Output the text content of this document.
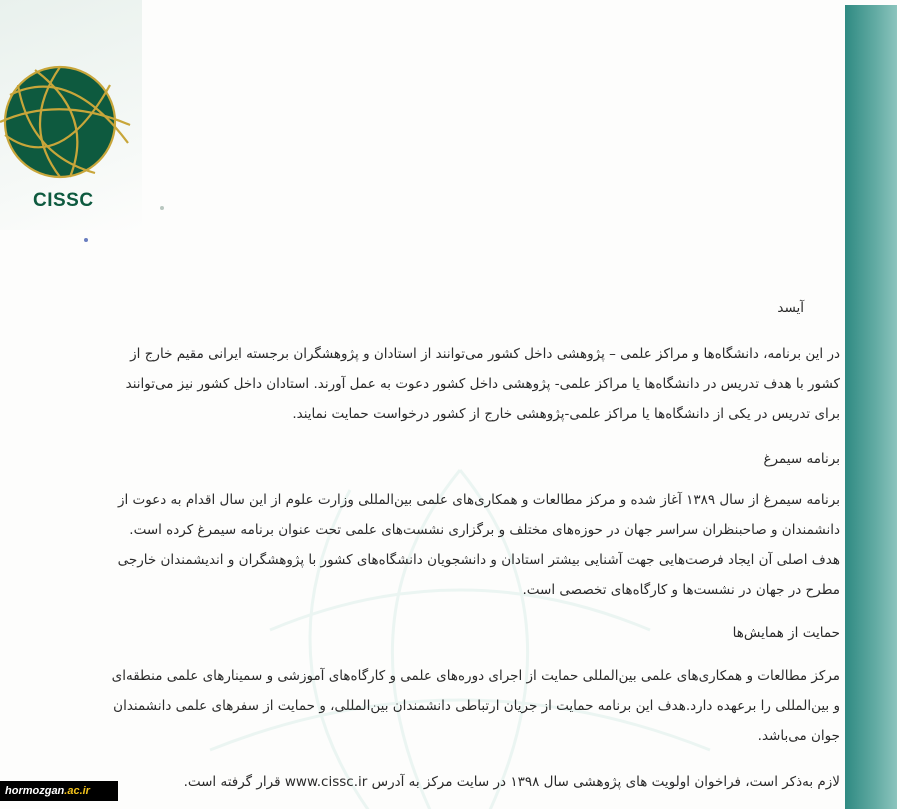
CISSC
آیسد
در این برنامه، دانشگاه‌ها و مراکز علمی – پژوهشی داخل کشور می‌توانند از استادان و پژوهشگران برجسته ایرانی مقیم خارج از
کشور با هدف تدریس در دانشگاه‌ها یا مراکز علمی- پژوهشی داخل کشور دعوت به عمل آورند. استادان داخل کشور نیز می‌توانند
برای تدریس در یکی از دانشگاه‌ها یا مراکز علمی-پژوهشی خارج از کشور درخواست حمایت نمایند.
برنامه سیمرغ
برنامه سیمرغ از سال ۱۳۸۹ آغاز شده و مرکز مطالعات و همکاری‌های علمی بین‌المللی وزارت علوم از این سال اقدام به دعوت از
دانشمندان و صاحبنظران سراسر جهان در حوزه‌های مختلف و برگزاری نشست‌های علمی تحت عنوان برنامه سیمرغ کرده است.
هدف اصلی آن ایجاد فرصت‌هایی جهت آشنایی بیشتر استادان و دانشجویان دانشگاه‌های کشور با پژوهشگران و اندیشمندان خارجی
مطرح در جهان در نشست‌ها و کارگاه‌های تخصصی است.
حمایت از همایش‌ها
مرکز مطالعات و همکاری‌های علمی بین‌المللی حمایت از اجرای دوره‌های علمی و کارگاه‌های آموزشی و سمینارهای علمی منطقه‌ای
و بین‌المللی را برعهده دارد.هدف این برنامه حمایت از جریان ارتباطی دانشمندان بین‌المللی، و حمایت از سفرهای علمی دانشمندان
جوان می‌باشد.
لازم به‌ذکر است، فراخوان اولویت های پژوهشی سال ۱۳۹۸ در سایت مرکز به آدرس www.cissc.ir قرار گرفته است.
hormozgan.ac.ir
